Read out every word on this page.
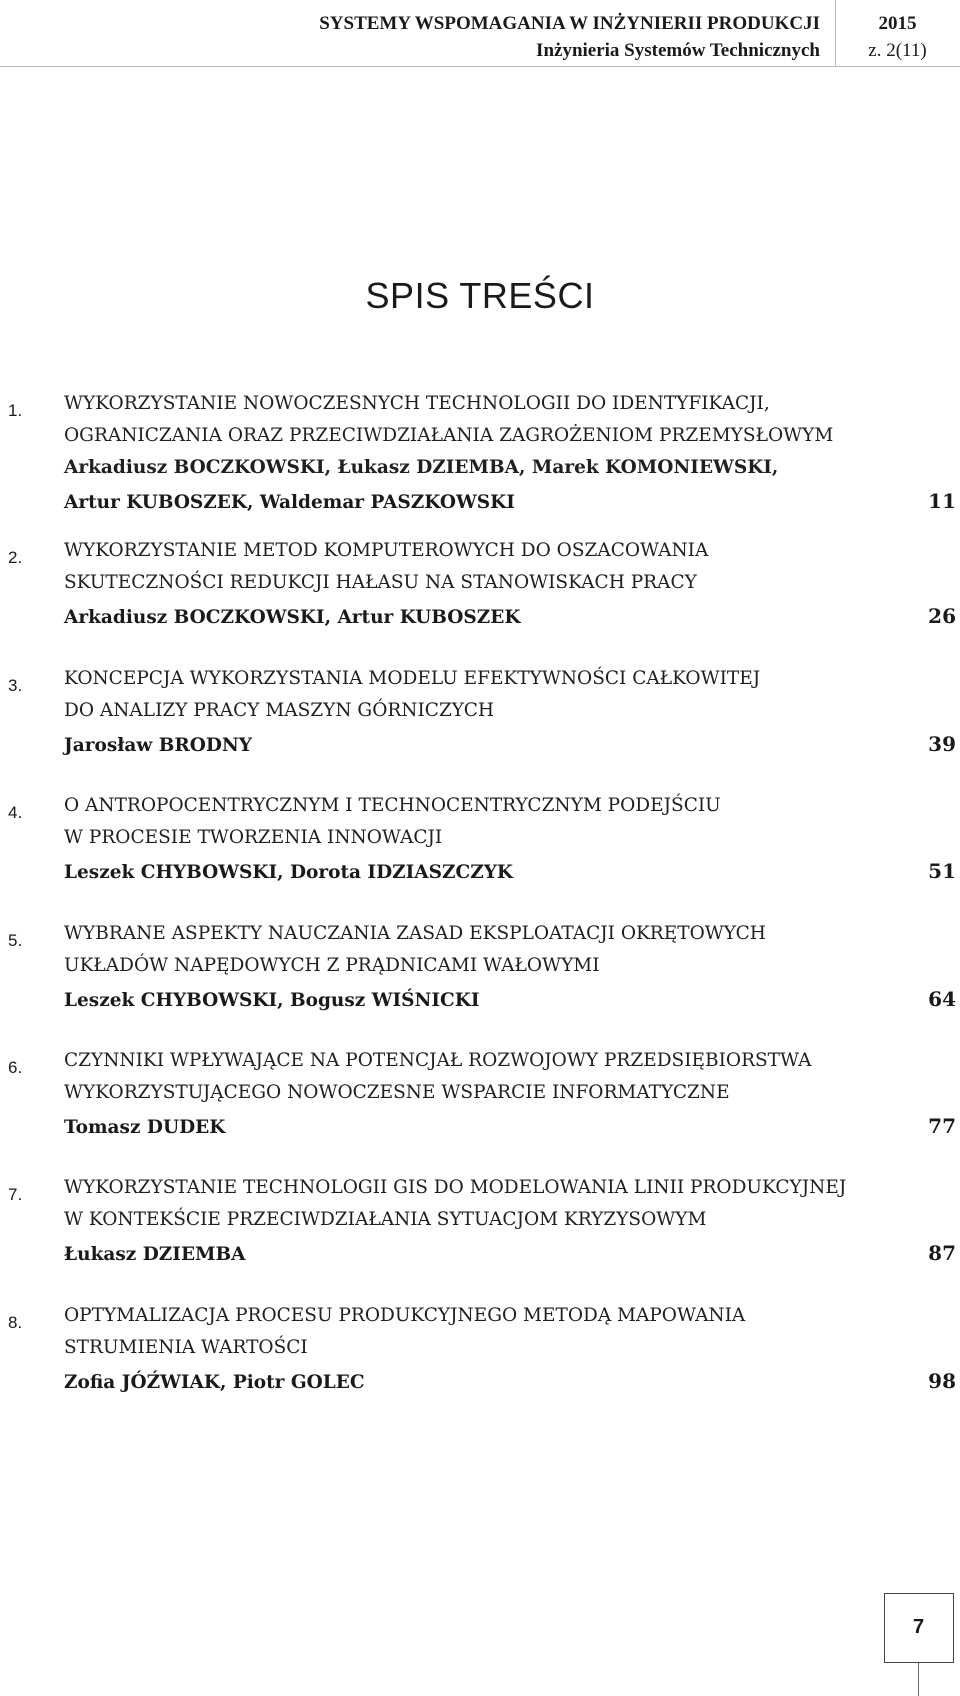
SYSTEMY WSPOMAGANIA W INŻYNIERII PRODUKCJI
Inżynieria Systemów Technicznych
2015
z. 2(11)
SPIS TREŚCI
1. WYKORZYSTANIE NOWOCZESNYCH TECHNOLOGII DO IDENTYFIKACJI,
OGRANICZANIA ORAZ PRZECIWDZIAŁANIA ZAGROŻENIOM PRZEMYSŁOWYM
Arkadiusz BOCZKOWSKI, Łukasz DZIEMBA, Marek KOMONIEWSKI,
Artur KUBOSZEK, Waldemar PASZKOWSKI	11
2. WYKORZYSTANIE METOD KOMPUTEROWYCH DO OSZACOWANIA
SKUTECZNOŚCI REDUKCJI HAŁASU NA STANOWISKACH PRACY
Arkadiusz BOCZKOWSKI, Artur KUBOSZEK	26
3. KONCEPCJA WYKORZYSTANIA MODELU EFEKTYWNOŚCI CAŁKOWITEJ
DO ANALIZY PRACY MASZYN GÓRNICZYCH
Jarosław BRODNY	39
4. O ANTROPOCENTRYCZNYM I TECHNOCENTRYCZNYM PODEJŚCIU
W PROCESIE TWORZENIA INNOWACJI
Leszek CHYBOWSKI, Dorota IDZIASZCZYK	51
5. WYBRANE ASPEKTY NAUCZANIA ZASAD EKSPLOATACJI OKRĘTOWYCH
UKŁADÓW NAPĘDOWYCH Z PRĄDNICAMI WAŁOWYMI
Leszek CHYBOWSKI, Bogusz WIŚNICKI	64
6. CZYNNIKI WPŁYWAJĄCE NA POTENCJAŁ ROZWOJOWY PRZEDSIĘBIORSTWA
WYKORZYSTUJĄCEGO NOWOCZESNE WSPARCIE INFORMATYCZNE
Tomasz DUDEK	77
7. WYKORZYSTANIE TECHNOLOGII GIS DO MODELOWANIA LINII PRODUKCYJNEJ
W KONTEKŚCIE PRZECIWDZIAŁANIA SYTUACJOM KRYZYSOWYM
Łukasz DZIEMBA	87
8. OPTYMALIZACJA PROCESU PRODUKCYJNEGO METODĄ MAPOWANIA
STRUMIENIA WARTOŚCI
Zofia JÓŹWIAK, Piotr GOLEC	98
7
